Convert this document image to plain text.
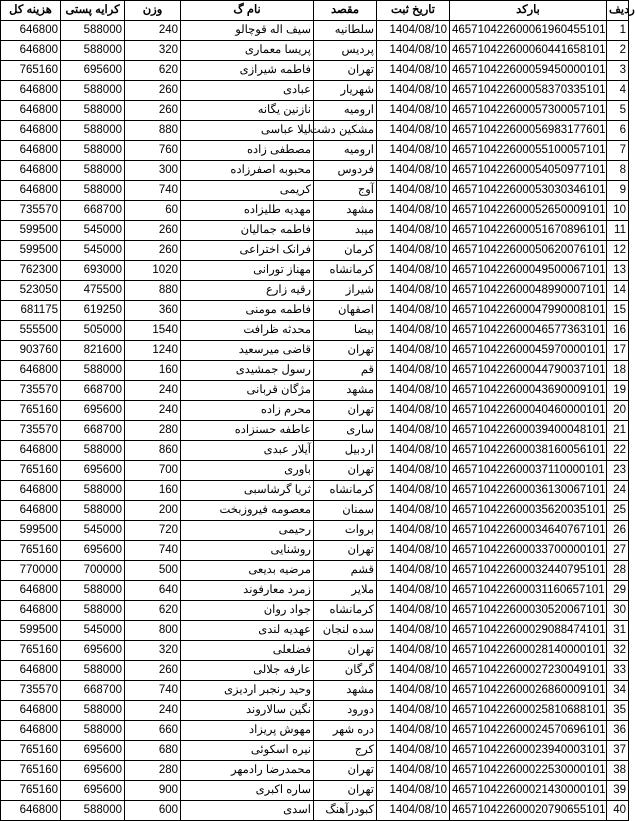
هزینه کل	کرایه پستی	وزن	نام گ	مقصد	تاریخ ثبت	بارکد	ردیف
646800	588000	240	سیف اله قوچالو	سلطانیه	1404/08/10	465710422600061960455101	1
646800	588000	320	پریسا معماری	پردیس	1404/08/10	465710422600060441658101	2
765160	695600	620	فاطمه شیرازی	تهران	1404/08/10	465710422600059450000101	3
646800	588000	260	عبادی	شهریار	1404/08/10	465710422600058370335101	4
646800	588000	260	نازنین یگانه	ارومیه	1404/08/10	465710422600057300057101	5
646800	588000	880	لیلا عباسی	مشکین دشت	1404/08/10	465710422600056983177601	6
646800	588000	760	مصطفی زاده	ارومیه	1404/08/10	465710422600055100057101	7
646800	588000	300	محبوبه اصفرزاده	فردوس	1404/08/10	465710422600054050977101	8
646800	588000	740	کریمی	آوج	1404/08/10	465710422600053030346101	9
735570	668700	60	مهدیه طلیزاده	مشهد	1404/08/10	465710422600052650009101	10
599500	545000	260	فاطمه جمالیان	میبد	1404/08/10	465710422600051670896101	11
599500	545000	260	فرانک اختراعی	کرمان	1404/08/10	465710422600050620076101	12
762300	693000	1020	مهناز تورانی	کرمانشاه	1404/08/10	465710422600049500067101	13
523050	475500	880	رقیه زارع	شیراز	1404/08/10	465710422600048990007101	14
681175	619250	360	فاطمه مومنی	اصفهان	1404/08/10	465710422600047990008101	15
555500	505000	1540	محدثه ظرافت	بیضا	1404/08/10	465710422600046577363101	16
903760	821600	1240	قاضی میرسعید	تهران	1404/08/10	465710422600045970000101	17
646800	588000	160	رسول جمشیدی	قم	1404/08/10	465710422600044790037101	18
735570	668700	240	مژگان قربانی	مشهد	1404/08/10	465710422600043690009101	19
765160	695600	240	محرم زاده	تهران	1404/08/10	465710422600040460000101	20
735570	668700	280	عاطفه حسنزاده	ساری	1404/08/10	465710422600039400048101	21
646800	588000	860	آیلار عبدی	اردبیل	1404/08/10	465710422600038160056101	22
765160	695600	700	باوری	تهران	1404/08/10	465710422600037110000101	23
646800	588000	160	ثریا گرشاسبی	کرمانشاه	1404/08/10	465710422600036130067101	24
646800	588000	200	معصومه فیروزبخت	سمنان	1404/08/10	465710422600035620035101	25
599500	545000	720	رحیمی	بروات	1404/08/10	465710422600034640767101	26
765160	695600	740	روشنایی	تهران	1404/08/10	465710422600033700000101	27
770000	700000	500	مرضیه بدیعی	قشم	1404/08/10	465710422600032440795101	28
646800	588000	640	زمرد معارفوند	ملایر	1404/08/10	465710422600031160657101	29
646800	588000	620	جواد روان	کرمانشاه	1404/08/10	465710422600030520067101	30
599500	545000	800	عهدیه لندی	سده لنجان	1404/08/10	465710422600029088474101	31
765160	695600	320	فضلعلی	تهران	1404/08/10	465710422600028140000101	32
646800	588000	260	عارفه جلالی	گرگان	1404/08/10	465710422600027230049101	33
735570	668700	740	وحید رنجبر اردیزی	مشهد	1404/08/10	465710422600026860009101	34
646800	588000	240	نگین سالاروند	دورود	1404/08/10	465710422600025810688101	35
646800	588000	660	مهوش پریزاد	دره شهر	1404/08/10	465710422600024570696101	36
765160	695600	680	نیره اسکوئی	کرج	1404/08/10	465710422600023940003101	37
765160	695600	280	محمدرضا رادمهر	تهران	1404/08/10	465710422600022530000101	38
765160	695600	900	ساره اکبری	تهران	1404/08/10	465710422600021430000101	39
646800	588000	600	اسدی	کبودرآهنگ	1404/08/10	465710422600020790655101	40
